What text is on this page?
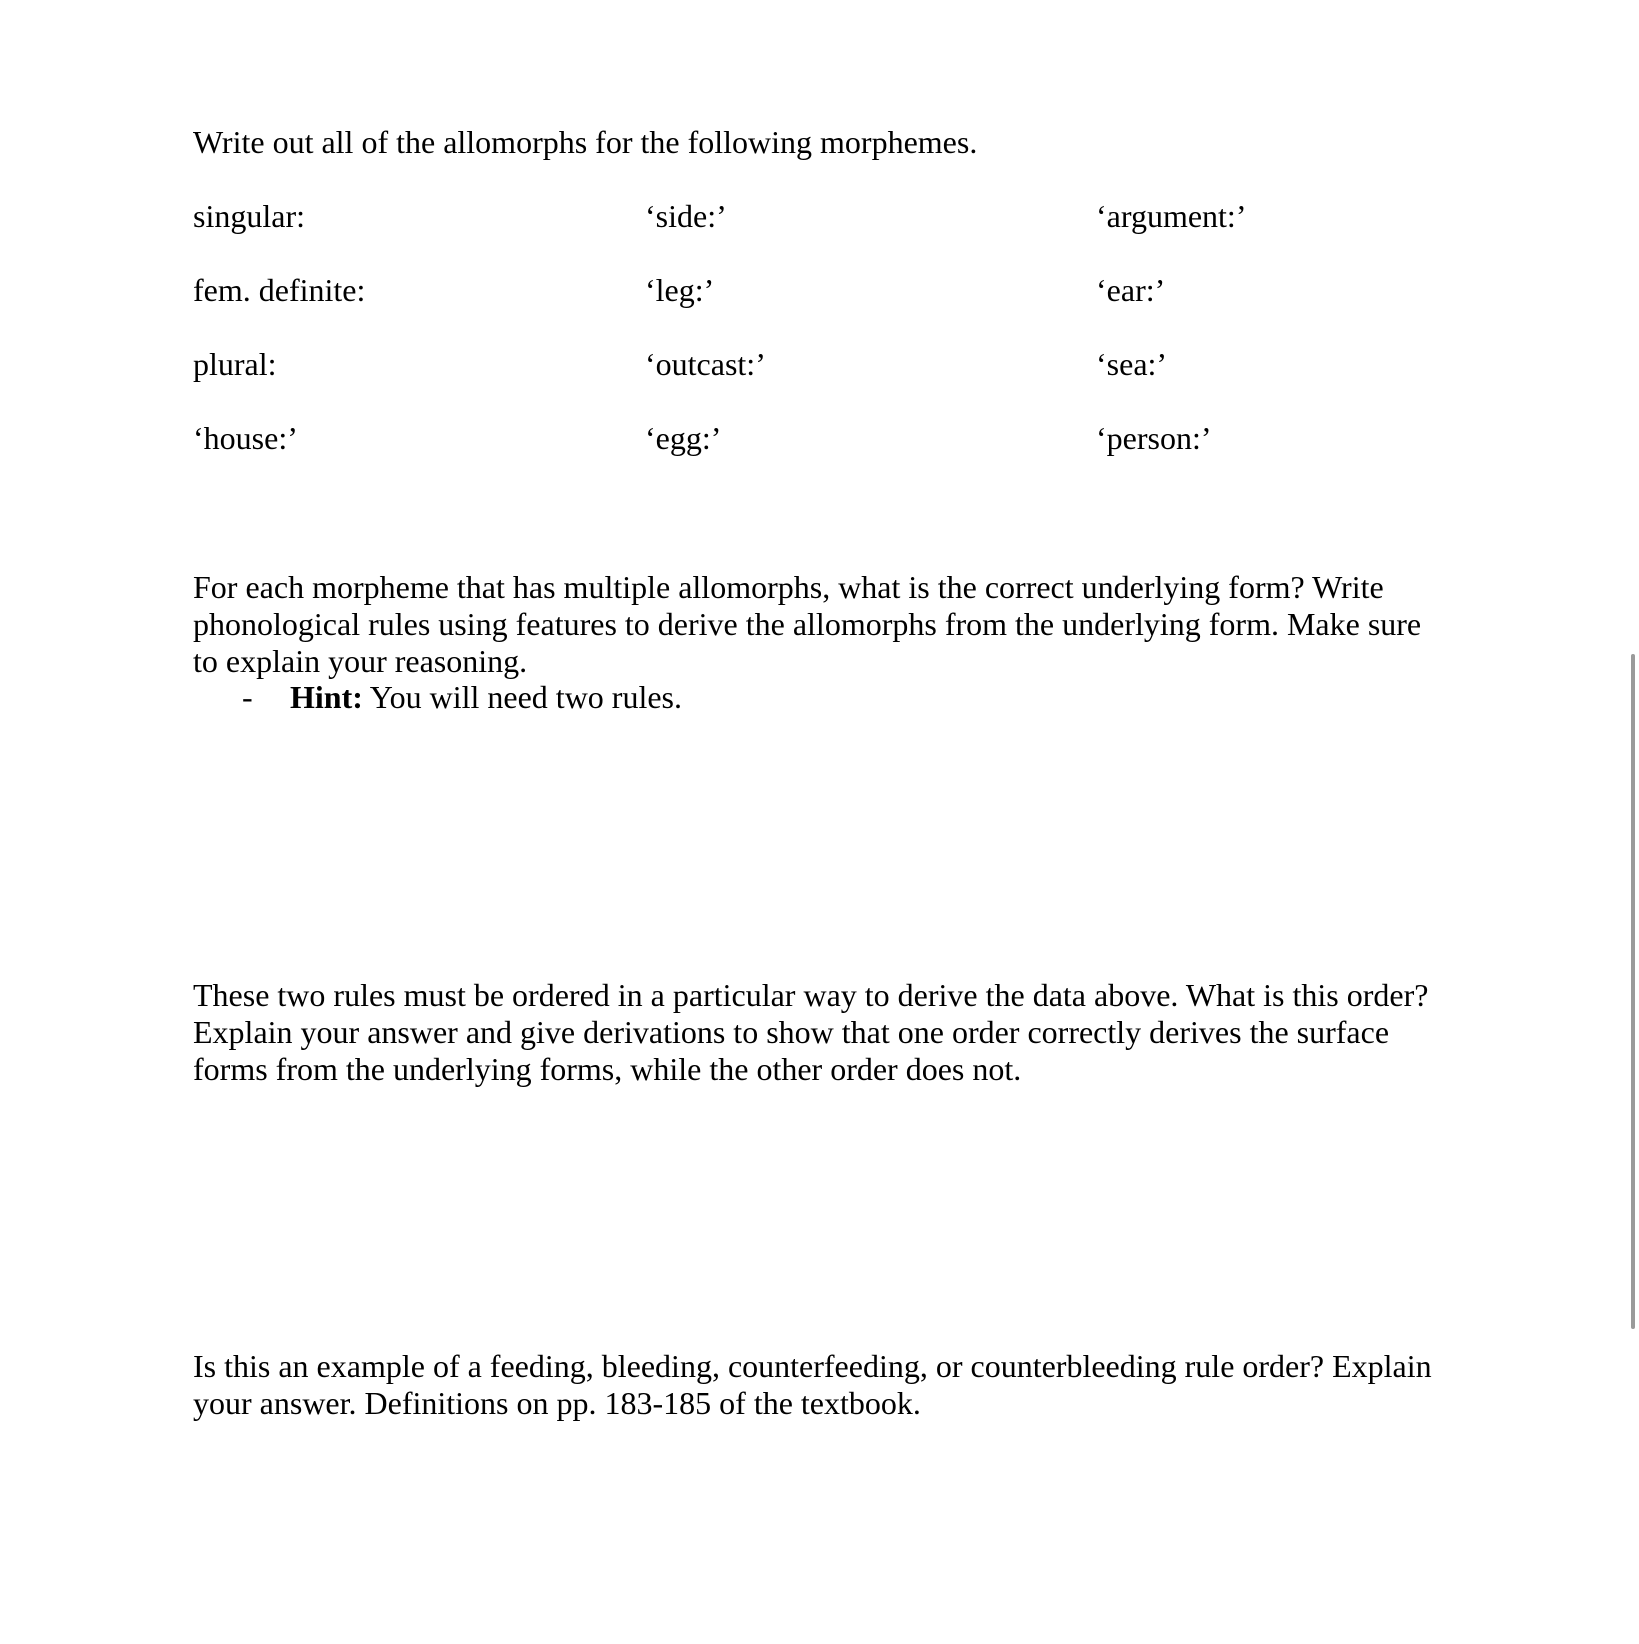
Write out all of the allomorphs for the following morphemes.
singular:	‘side:’	‘argument:’
fem. definite:	‘leg:’	‘ear:’
plural:	‘outcast:’	‘sea:’
‘house:’	‘egg:’	‘person:’
For each morpheme that has multiple allomorphs, what is the correct underlying form? Write
phonological rules using features to derive the allomorphs from the underlying form. Make sure
to explain your reasoning.
- Hint: You will need two rules.
These two rules must be ordered in a particular way to derive the data above. What is this order?
Explain your answer and give derivations to show that one order correctly derives the surface
forms from the underlying forms, while the other order does not.
Is this an example of a feeding, bleeding, counterfeeding, or counterbleeding rule order? Explain
your answer. Definitions on pp. 183-185 of the textbook.
